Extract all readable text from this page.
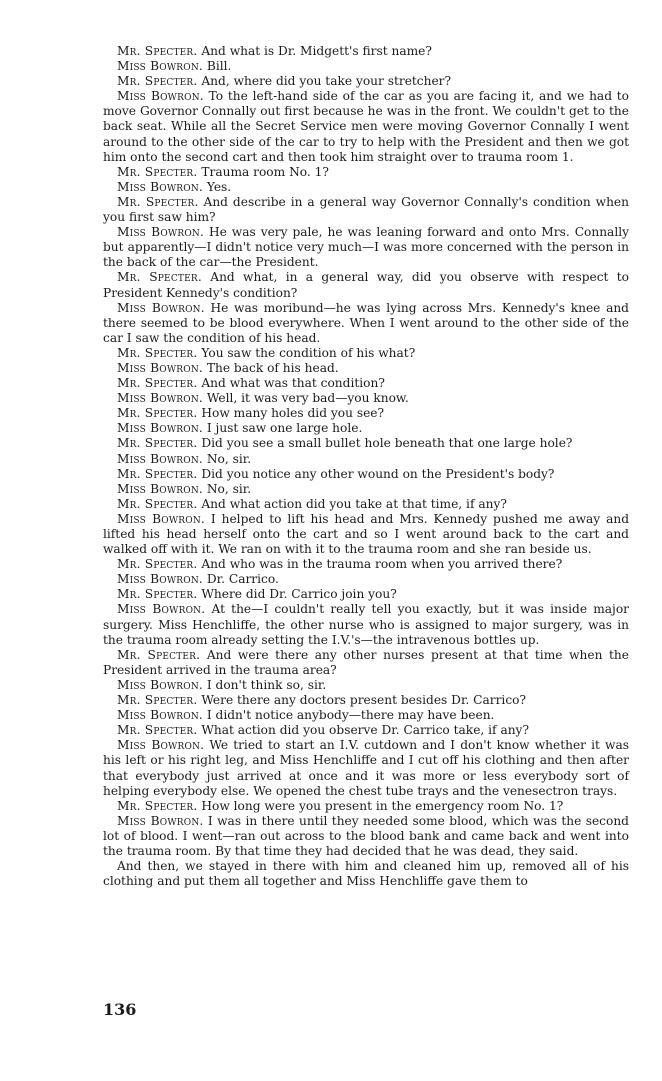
Mr. Specter. And what is Dr. Midgett's first name?

Miss Bowron. Bill.

Mr. Specter. And, where did you take your stretcher?

Miss Bowron. To the left-hand side of the car as you are facing it, and we had to move Governor Connally out first because he was in the front. We couldn't get to the back seat. While all the Secret Service men were moving Governor Connally I went around to the other side of the car to try to help with the President and then we got him onto the second cart and then took him straight over to trauma room 1.

Mr. Specter. Trauma room No. 1?

Miss Bowron. Yes.

Mr. Specter. And describe in a general way Governor Connally's condition when you first saw him?

Miss Bowron. He was very pale, he was leaning forward and onto Mrs. Connally but apparently—I didn't notice very much—I was more concerned with the person in the back of the car—the President.

Mr. Specter. And what, in a general way, did you observe with respect to President Kennedy's condition?

Miss Bowron. He was moribund—he was lying across Mrs. Kennedy's knee and there seemed to be blood everywhere. When I went around to the other side of the car I saw the condition of his head.

Mr. Specter. You saw the condition of his what?

Miss Bowron. The back of his head.

Mr. Specter. And what was that condition?

Miss Bowron. Well, it was very bad—you know.

Mr. Specter. How many holes did you see?

Miss Bowron. I just saw one large hole.

Mr. Specter. Did you see a small bullet hole beneath that one large hole?

Miss Bowron. No, sir.

Mr. Specter. Did you notice any other wound on the President's body?

Miss Bowron. No, sir.

Mr. Specter. And what action did you take at that time, if any?

Miss Bowron. I helped to lift his head and Mrs. Kennedy pushed me away and lifted his head herself onto the cart and so I went around back to the cart and walked off with it. We ran on with it to the trauma room and she ran beside us.

Mr. Specter. And who was in the trauma room when you arrived there?

Miss Bowron. Dr. Carrico.

Mr. Specter. Where did Dr. Carrico join you?

Miss Bowron. At the—I couldn't really tell you exactly, but it was inside major surgery. Miss Henchliffe, the other nurse who is assigned to major surgery, was in the trauma room already setting the I.V.'s—the intravenous bottles up.

Mr. Specter. And were there any other nurses present at that time when the President arrived in the trauma area?

Miss Bowron. I don't think so, sir.

Mr. Specter. Were there any doctors present besides Dr. Carrico?

Miss Bowron. I didn't notice anybody—there may have been.

Mr. Specter. What action did you observe Dr. Carrico take, if any?

Miss Bowron. We tried to start an I.V. cutdown and I don't know whether it was his left or his right leg, and Miss Henchliffe and I cut off his clothing and then after that everybody just arrived at once and it was more or less everybody sort of helping everybody else. We opened the chest tube trays and the venesectron trays.

Mr. Specter. How long were you present in the emergency room No. 1?

Miss Bowron. I was in there until they needed some blood, which was the second lot of blood. I went—ran out across to the blood bank and came back and went into the trauma room. By that time they had decided that he was dead, they said.

And then, we stayed in there with him and cleaned him up, removed all of his clothing and put them all together and Miss Henchliffe gave them to

136
